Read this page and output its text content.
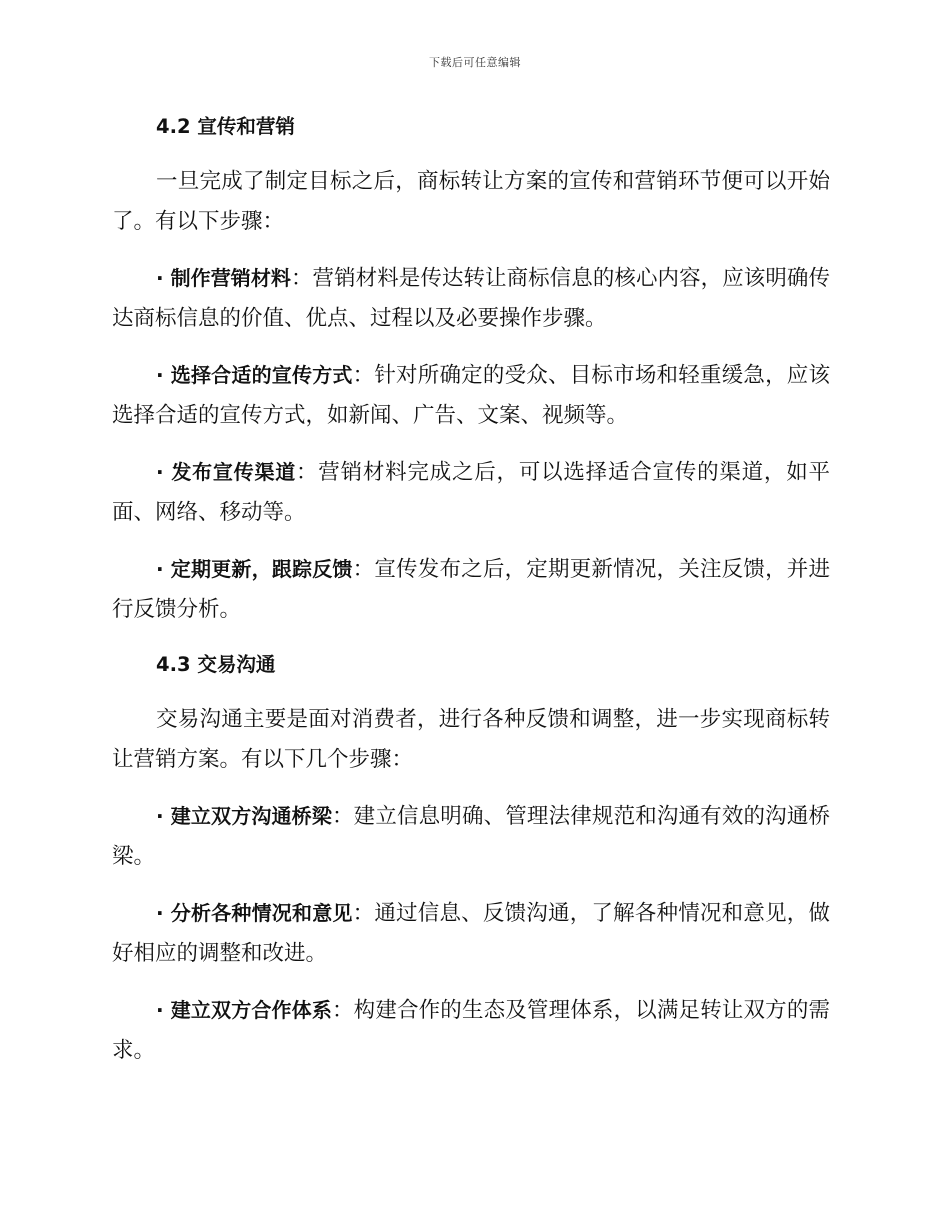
下载后可任意编辑
4.2 宣传和营销

一旦完成了制定目标之后，商标转让方案的宣传和营销环节便可以开始了。有以下步骤：

· 制作营销材料：营销材料是传达转让商标信息的核心内容，应该明确传达商标信息的价值、优点、过程以及必要操作步骤。

· 选择合适的宣传方式：针对所确定的受众、目标市场和轻重缓急，应该选择合适的宣传方式，如新闻、广告、文案、视频等。

· 发布宣传渠道：营销材料完成之后，可以选择适合宣传的渠道，如平面、网络、移动等。

· 定期更新，跟踪反馈：宣传发布之后，定期更新情况，关注反馈，并进行反馈分析。

4.3 交易沟通

交易沟通主要是面对消费者，进行各种反馈和调整，进一步实现商标转让营销方案。有以下几个步骤：

· 建立双方沟通桥梁：建立信息明确、管理法律规范和沟通有效的沟通桥梁。

· 分析各种情况和意见：通过信息、反馈沟通，了解各种情况和意见，做好相应的调整和改进。

· 建立双方合作体系：构建合作的生态及管理体系，以满足转让双方的需求。
